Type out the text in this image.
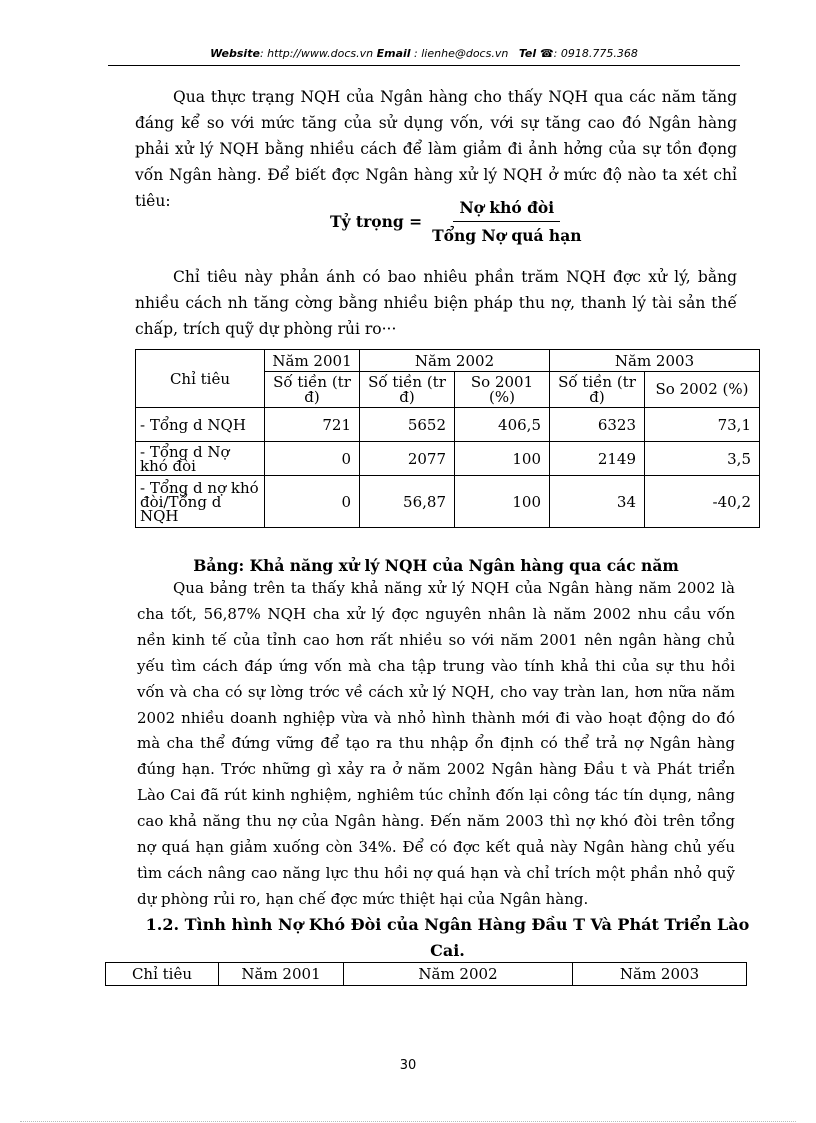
Website: http://www.docs.vn Email : lienhe@docs.vn Tel ☎: 0918.775.368

Qua thực trạng NQH của Ngân hàng cho thấy NQH qua các năm tăng đáng kể so với mức tăng của sử dụng vốn, với sự tăng cao đó Ngân hàng phải xử lý NQH bằng nhiều cách để làm giảm đi ảnh hởng của sự tồn đọng vốn Ngân hàng. Để biết đợc Ngân hàng xử lý NQH ở mức độ nào ta xét chỉ tiêu:

Tỷ trọng = $\frac{\text{Nợ khó đòi}}{\text{Tổng Nợ quá hạn}}$

Chỉ tiêu này phản ánh có bao nhiêu phần trăm NQH đợc xử lý, bằng nhiều cách nh tăng cờng bằng nhiều biện pháp thu nợ, thanh lý tài sản thế chấp, trích quỹ dự phòng rủi ro···

Chỉ tiêu	Năm 2001	Năm 2002		Năm 2003	
	Số tiền (tr đ)	Số tiền (tr đ)	So 2001 (%)	Số tiền (tr đ)	So 2002 (%)
- Tổng d NQH	721	5652	406,5	6323	73,1
- Tổng d Nợ khó đòi	0	2077	100	2149	3,5
- Tổng d nợ khó đòi/Tổng d NQH	0	56,87	100	34	-40,2
Bảng: Khả năng xử lý NQH của Ngân hàng qua các năm

Qua bảng trên ta thấy khả năng xử lý NQH của Ngân hàng năm 2002 là cha tốt, 56,87% NQH cha xử lý đợc nguyên nhân là năm 2002 nhu cầu vốn nền kinh tế của tỉnh cao hơn rất nhiều so với năm 2001 nên ngân hàng chủ yếu tìm cách đáp ứng vốn mà cha tập trung vào tính khả thi của sự thu hồi vốn và cha có sự lờng trớc về cách xử lý NQH, cho vay tràn lan, hơn nữa năm 2002 nhiều doanh nghiệp vừa và nhỏ hình thành mới đi vào hoạt động do đó mà cha thể đứng vững để tạo ra thu nhập ổn định có thể trả nợ Ngân hàng đúng hạn. Trớc những gì xảy ra ở năm 2002 Ngân hàng Đầu t và Phát triển Lào Cai đã rút kinh nghiệm, nghiêm túc chỉnh đốn lại công tác tín dụng, nâng cao khả năng thu nợ của Ngân hàng. Đến năm 2003 thì nợ khó đòi trên tổng nợ quá hạn giảm xuống còn 34%. Để có đợc kết quả này Ngân hàng chủ yếu tìm cách nâng cao năng lực thu hồi nợ quá hạn và chỉ trích một phần nhỏ quỹ dự phòng rủi ro, hạn chế đợc mức thiệt hại của Ngân hàng.

1.2. Tình hình Nợ Khó Đòi của Ngân Hàng Đầu T Và Phát Triển Lào Cai.
Chỉ tiêu	Năm 2001	Năm 2002	Năm 2003
30
